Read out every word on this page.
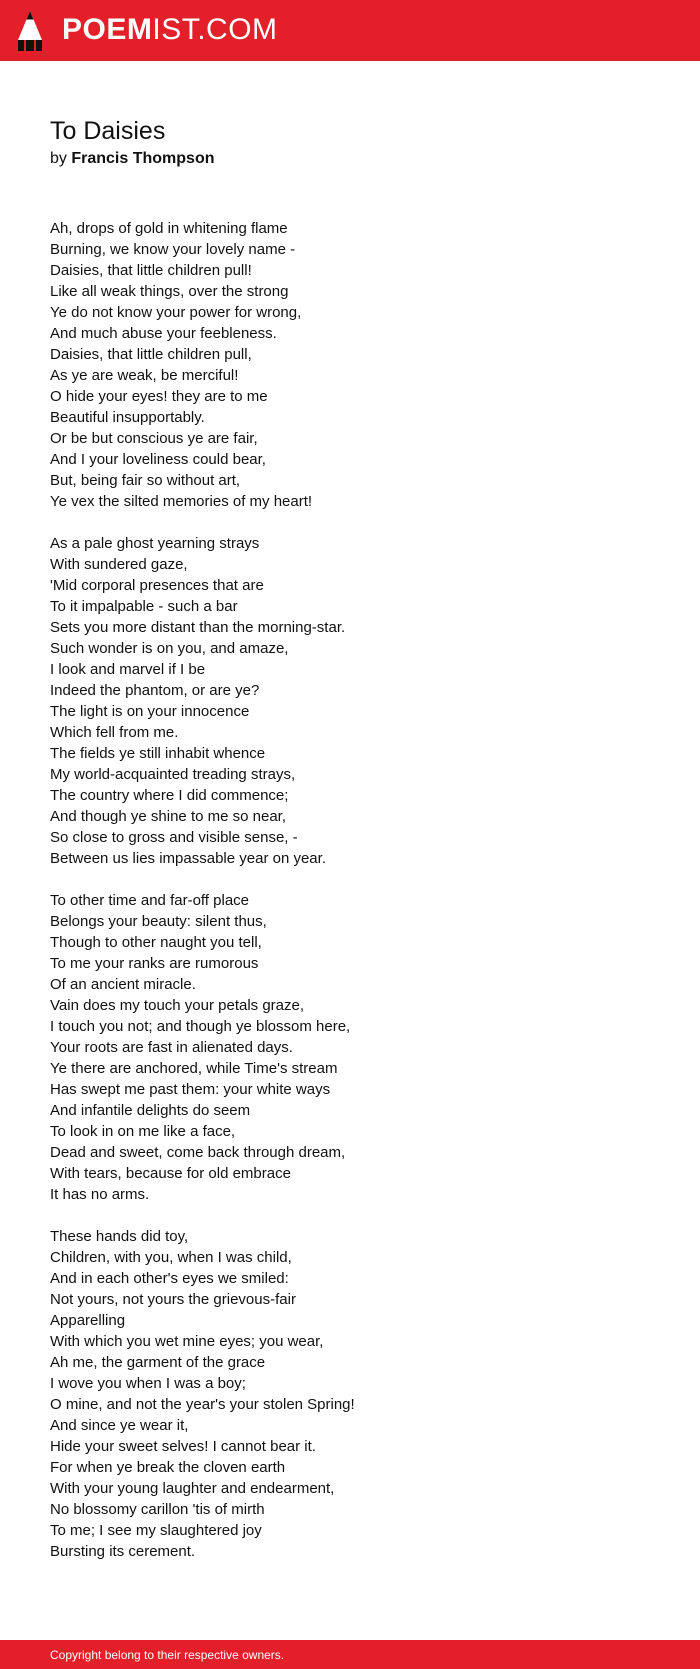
POEMIST.COM
To Daisies
by Francis Thompson
Ah, drops of gold in whitening flame
Burning, we know your lovely name -
Daisies, that little children pull!
Like all weak things, over the strong
Ye do not know your power for wrong,
And much abuse your feebleness.
Daisies, that little children pull,
As ye are weak, be merciful!
O hide your eyes! they are to me
Beautiful insupportably.
Or be but conscious ye are fair,
And I your loveliness could bear,
But, being fair so without art,
Ye vex the silted memories of my heart!
As a pale ghost yearning strays
With sundered gaze,
'Mid corporal presences that are
To it impalpable - such a bar
Sets you more distant than the morning-star.
Such wonder is on you, and amaze,
I look and marvel if I be
Indeed the phantom, or are ye?
The light is on your innocence
Which fell from me.
The fields ye still inhabit whence
My world-acquainted treading strays,
The country where I did commence;
And though ye shine to me so near,
So close to gross and visible sense, -
Between us lies impassable year on year.
To other time and far-off place
Belongs your beauty: silent thus,
Though to other naught you tell,
To me your ranks are rumorous
Of an ancient miracle.
Vain does my touch your petals graze,
I touch you not; and though ye blossom here,
Your roots are fast in alienated days.
Ye there are anchored, while Time's stream
Has swept me past them: your white ways
And infantile delights do seem
To look in on me like a face,
Dead and sweet, come back through dream,
With tears, because for old embrace
It has no arms.
These hands did toy,
Children, with you, when I was child,
And in each other's eyes we smiled:
Not yours, not yours the grievous-fair
Apparelling
With which you wet mine eyes; you wear,
Ah me, the garment of the grace
I wove you when I was a boy;
O mine, and not the year's your stolen Spring!
And since ye wear it,
Hide your sweet selves! I cannot bear it.
For when ye break the cloven earth
With your young laughter and endearment,
No blossomy carillon 'tis of mirth
To me; I see my slaughtered joy
Bursting its cerement.
Copyright belong to their respective owners.
